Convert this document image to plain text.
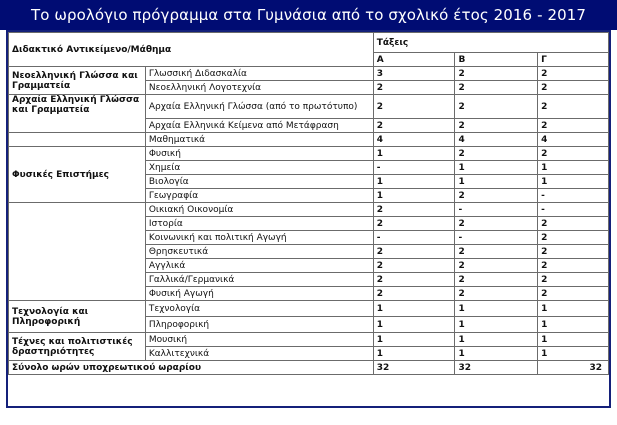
Το ωρολόγιο πρόγραμμα στα Γυμνάσια από το σχολικό έτος 2016 - 2017
Διδακτικό Αντικείμενο/Μάθημα		Τάξεις		
		Α	Β	Γ
Νεοελληνική Γλώσσα και Γραμματεία	Γλωσσική Διδασκαλία	3	2	2
	Νεοελληνική Λογοτεχνία	2	2	2
Αρχαία Ελληνική Γλώσσα και Γραμματεία	Αρχαία Ελληνική Γλώσσα (από το πρωτότυπο)	2	2	2
	Αρχαία Ελληνικά Κείμενα από Μετάφραση	2	2	2
	Μαθηματικά	4	4	4
Φυσικές Επιστήμες	Φυσική	1	2	2
	Χημεία	-	1	1
	Βιολογία	1	1	1
	Γεωγραφία	1	2	-
	Οικιακή Οικονομία	2	-	-
	Ιστορία	2	2	2
	Κοινωνική και πολιτική Αγωγή	-	-	2
	Θρησκευτικά	2	2	2
	Αγγλικά	2	2	2
	Γαλλικά/Γερμανικά	2	2	2
	Φυσική Αγωγή	2	2	2
Τεχνολογία και Πληροφορική	Τεχνολογία	1	1	1
	Πληροφορική	1	1	1
Τέχνες και πολιτιστικές δραστηριότητες	Μουσική	1	1	1
	Καλλιτεχνικά	1	1	1
Σύνολο ωρών υποχρεωτικού ωραρίου		32	32	32
